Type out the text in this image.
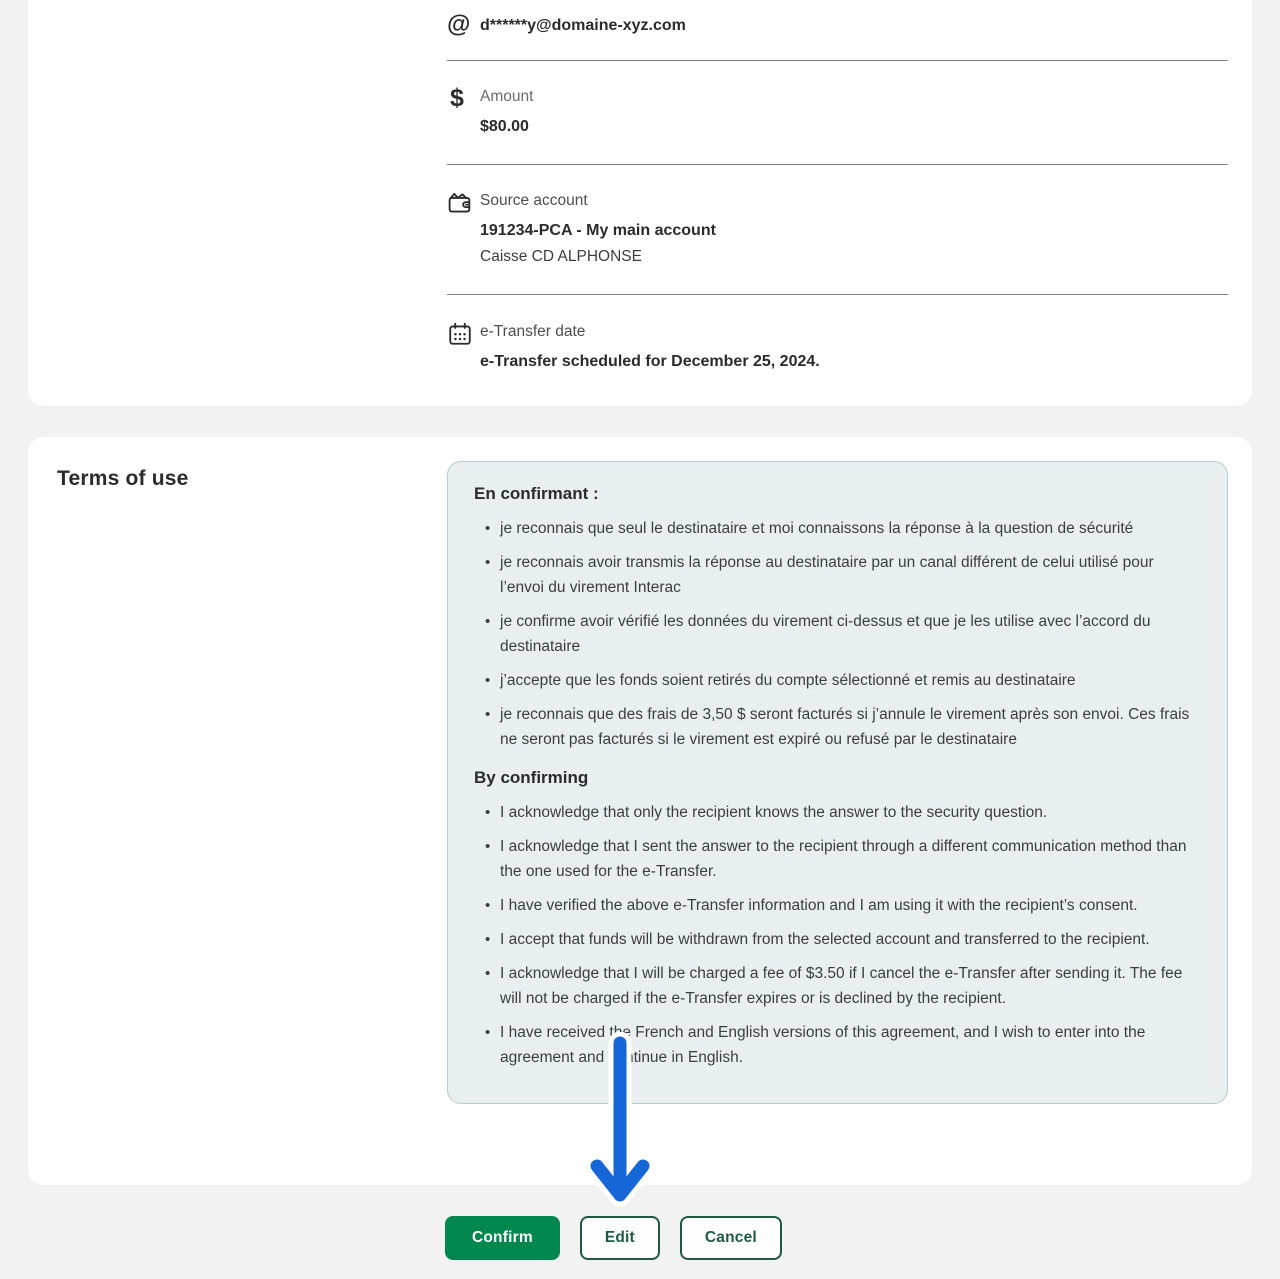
@ d******y@domaine-xyz.com
$ Amount
$80.00
Source account
191234-PCA - My main account
Caisse CD ALPHONSE
e-Transfer date
e-Transfer scheduled for December 25, 2024.
Terms of use
En confirmant :
• je reconnais que seul le destinataire et moi connaissons la réponse à la question de sécurité
• je reconnais avoir transmis la réponse au destinataire par un canal différent de celui utilisé pour l’envoi du virement Interac
• je confirme avoir vérifié les données du virement ci-dessus et que je les utilise avec l’accord du destinataire
• j’accepte que les fonds soient retirés du compte sélectionné et remis au destinataire
• je reconnais que des frais de 3,50 $ seront facturés si j’annule le virement après son envoi. Ces frais ne seront pas facturés si le virement est expiré ou refusé par le destinataire
By confirming
• I acknowledge that only the recipient knows the answer to the security question.
• I acknowledge that I sent the answer to the recipient through a different communication method than the one used for the e-Transfer.
• I have verified the above e-Transfer information and I am using it with the recipient’s consent.
• I accept that funds will be withdrawn from the selected account and transferred to the recipient.
• I acknowledge that I will be charged a fee of $3.50 if I cancel the e-Transfer after sending it. The fee will not be charged if the e-Transfer expires or is declined by the recipient.
• I have received the French and English versions of this agreement, and I wish to enter into the agreement and continue in English.
Confirm	Edit	Cancel
